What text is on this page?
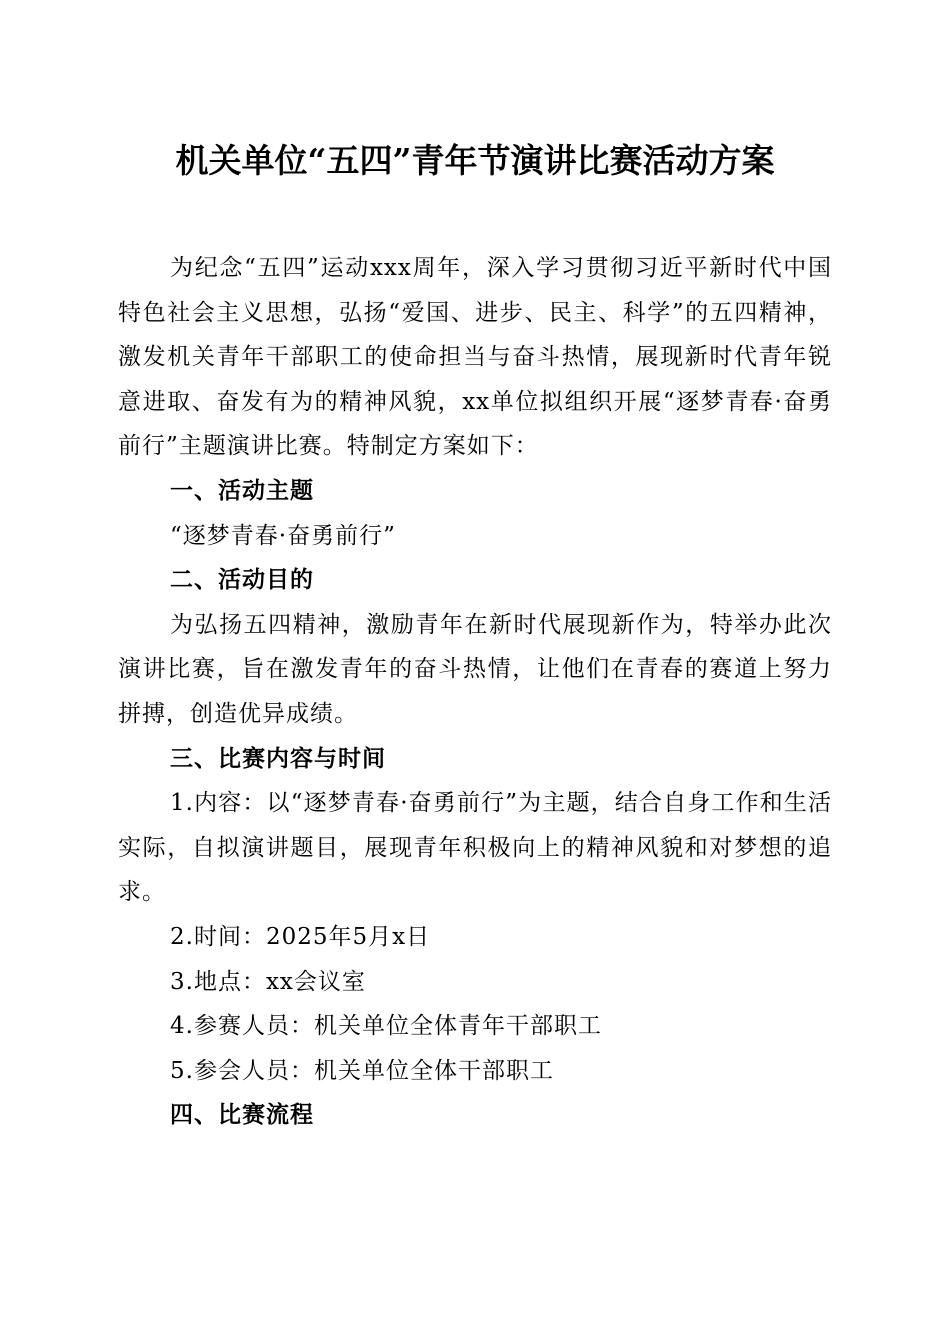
机关单位“五四”青年节演讲比赛活动方案

为纪念“五四”运动xxx周年，深入学习贯彻习近平新时代中国特色社会主义思想，弘扬“爱国、进步、民主、科学”的五四精神，激发机关青年干部职工的使命担当与奋斗热情，展现新时代青年锐意进取、奋发有为的精神风貌，xx单位拟组织开展“逐梦青春·奋勇前行”主题演讲比赛。特制定方案如下：

一、活动主题

“逐梦青春·奋勇前行”

二、活动目的

为弘扬五四精神，激励青年在新时代展现新作为，特举办此次演讲比赛，旨在激发青年的奋斗热情，让他们在青春的赛道上努力拼搏，创造优异成绩。

三、比赛内容与时间

1.内容：以“逐梦青春·奋勇前行”为主题，结合自身工作和生活实际，自拟演讲题目，展现青年积极向上的精神风貌和对梦想的追求。

2.时间：2025年5月x日

3.地点：xx会议室

4.参赛人员：机关单位全体青年干部职工

5.参会人员：机关单位全体干部职工

四、比赛流程
